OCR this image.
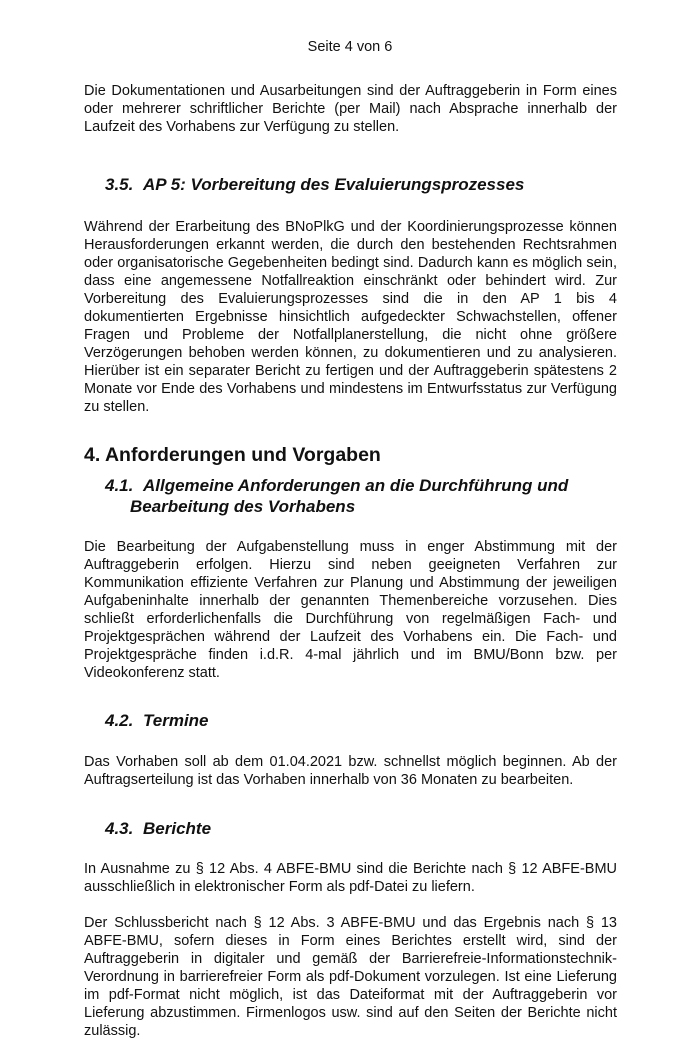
Seite 4 von 6

Die Dokumentationen und Ausarbeitungen sind der Auftraggeberin in Form eines oder mehrerer schriftlicher Berichte (per Mail) nach Absprache innerhalb der Laufzeit des Vorhabens zur Verfügung zu stellen.

3.5. AP 5: Vorbereitung des Evaluierungsprozesses

Während der Erarbeitung des BNoPlkG und der Koordinierungsprozesse können Herausforderungen erkannt werden, die durch den bestehenden Rechtsrahmen oder organisatorische Gegebenheiten bedingt sind. Dadurch kann es möglich sein, dass eine angemessene Notfallreaktion einschränkt oder behindert wird. Zur Vorbereitung des Evaluierungsprozesses sind die in den AP 1 bis 4 dokumentierten Ergebnisse hinsichtlich aufgedeckter Schwachstellen, offener Fragen und Probleme der Notfallplanerstellung, die nicht ohne größere Verzögerungen behoben werden können, zu dokumentieren und zu analysieren. Hierüber ist ein separater Bericht zu fertigen und der Auftraggeberin spätestens 2 Monate vor Ende des Vorhabens und mindestens im Entwurfsstatus zur Verfügung zu stellen.

4. Anforderungen und Vorgaben
4.1. Allgemeine Anforderungen an die Durchführung und
Bearbeitung des Vorhabens

Die Bearbeitung der Aufgabenstellung muss in enger Abstimmung mit der Auftraggeberin erfolgen. Hierzu sind neben geeigneten Verfahren zur Kommunikation effiziente Verfahren zur Planung und Abstimmung der jeweiligen Aufgabeninhalte innerhalb der genannten Themenbereiche vorzusehen. Dies schließt erforderlichenfalls die Durchführung von regelmäßigen Fach- und Projektgesprächen während der Laufzeit des Vorhabens ein. Die Fach- und Projektgespräche finden i.d.R. 4-mal jährlich und im BMU/Bonn bzw. per Videokonferenz statt.

4.2. Termine

Das Vorhaben soll ab dem 01.04.2021 bzw. schnellst möglich beginnen. Ab der Auftragserteilung ist das Vorhaben innerhalb von 36 Monaten zu bearbeiten.

4.3. Berichte

In Ausnahme zu § 12 Abs. 4 ABFE-BMU sind die Berichte nach § 12 ABFE-BMU ausschließlich in elektronischer Form als pdf-Datei zu liefern.

Der Schlussbericht nach § 12 Abs. 3 ABFE-BMU und das Ergebnis nach § 13 ABFE-BMU, sofern dieses in Form eines Berichtes erstellt wird, sind der Auftraggeberin in digitaler und gemäß der Barrierefreie-Informationstechnik-Verordnung in barrierefreier Form als pdf-Dokument vorzulegen. Ist eine Lieferung im pdf-Format nicht möglich, ist das Dateiformat mit der Auftraggeberin vor Lieferung abzustimmen. Firmenlogos usw. sind auf den Seiten der Berichte nicht zulässig.
